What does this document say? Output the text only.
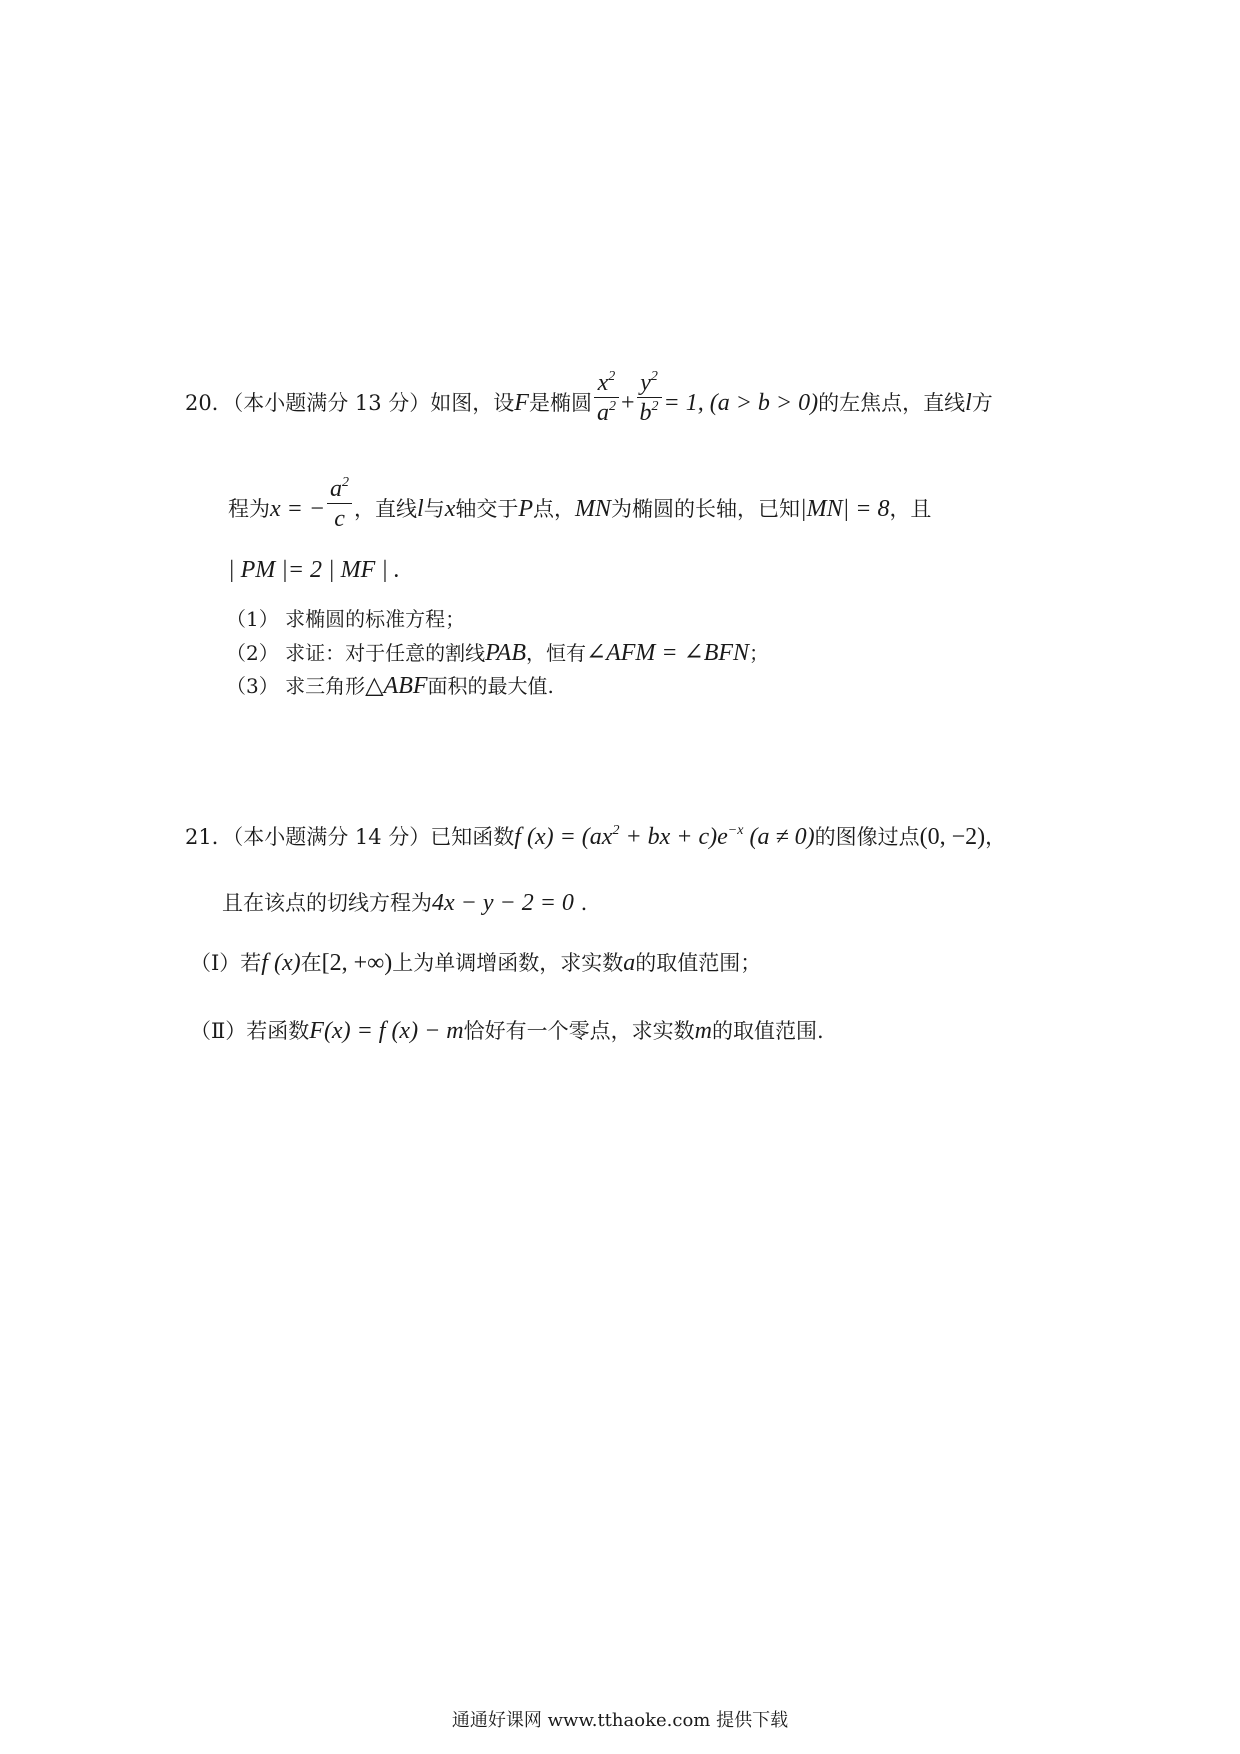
20．（本小题满分 13 分）如图，设F是椭圆 $\frac{x^2}{a^2} + \frac{y^2}{b^2} = 1$, (a > b > 0)的左焦点，直线l方
程为x = − $\frac{a^2}{c}$ ，直线l与x轴交于P点，MN为椭圆的长轴，已知|MN| = 8，且
| PM |= 2 | MF | .
（1） 求椭圆的标准方程；
（2） 求证：对于任意的割线PAB，恒有∠AFM = ∠BFN；
（3） 求三角形△ABF面积的最大值.
21．（本小题满分 14 分）已知函数f $(x) = (ax^2$ + bx + $c)e^{-x}$ (a ≠ 0)的图像过点(0, −2)，
且在该点的切线方程为4x − y − 2 = 0 .
（Ⅰ）若f (x)在[2, +∞)上为单调增函数，求实数a的取值范围；
（Ⅱ）若函数F(x) = f (x) − m恰好有一个零点，求实数m的取值范围.
通通好课网 www.tthaoke.com 提供下载
